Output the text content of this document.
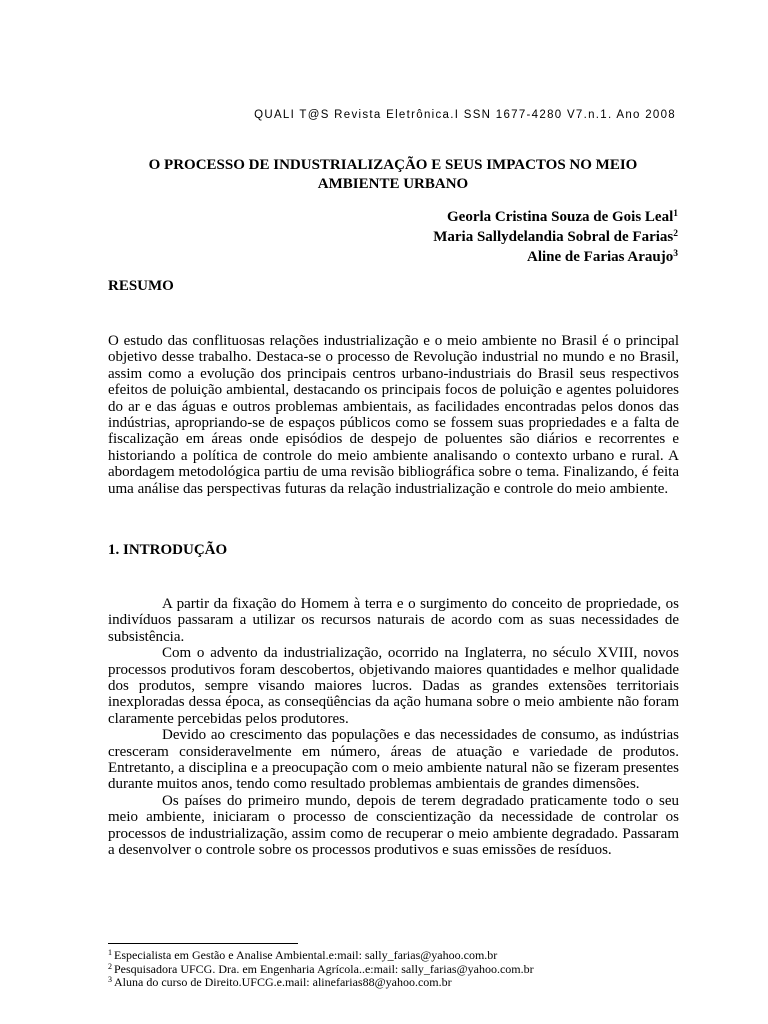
QUALI T@S Revista Eletrônica.I SSN 1677-4280 V7.n.1. Ano 2008
O PROCESSO DE INDUSTRIALIZAÇÃO E SEUS IMPACTOS NO MEIO AMBIENTE URBANO
Georla Cristina Souza de Gois Leal$^1$
Maria Sallydelandia Sobral de Farias$^2$
Aline de Farias Araujo$^3$
RESUMO

O estudo das conflituosas relações industrialização e o meio ambiente no Brasil é o principal objetivo desse trabalho. Destaca-se o processo de Revolução industrial no mundo e no Brasil, assim como a evolução dos principais centros urbano-industriais do Brasil seus respectivos efeitos de poluição ambiental, destacando os principais focos de poluição e agentes poluidores do ar e das águas e outros problemas ambientais, as facilidades encontradas pelos donos das indústrias, apropriando-se de espaços públicos como se fossem suas propriedades e a falta de fiscalização em áreas onde episódios de despejo de poluentes são diários e recorrentes e historiando a política de controle do meio ambiente analisando o contexto urbano e rural. A abordagem metodológica partiu de uma revisão bibliográfica sobre o tema. Finalizando, é feita uma análise das perspectivas futuras da relação industrialização e controle do meio ambiente.

1. INTRODUÇÃO

A partir da fixação do Homem à terra e o surgimento do conceito de propriedade, os indivíduos passaram a utilizar os recursos naturais de acordo com as suas necessidades de subsistência.

Com o advento da industrialização, ocorrido na Inglaterra, no século XVIII, novos processos produtivos foram descobertos, objetivando maiores quantidades e melhor qualidade dos produtos, sempre visando maiores lucros. Dadas as grandes extensões territoriais inexploradas dessa época, as conseqüências da ação humana sobre o meio ambiente não foram claramente percebidas pelos produtores.

Devido ao crescimento das populações e das necessidades de consumo, as indústrias cresceram consideravelmente em número, áreas de atuação e variedade de produtos. Entretanto, a disciplina e a preocupação com o meio ambiente natural não se fizeram presentes durante muitos anos, tendo como resultado problemas ambientais de grandes dimensões.

Os países do primeiro mundo, depois de terem degradado praticamente todo o seu meio ambiente, iniciaram o processo de conscientização da necessidade de controlar os processos de industrialização, assim como de recuperar o meio ambiente degradado. Passaram a desenvolver o controle sobre os processos produtivos e suas emissões de resíduos.

$^1$ Especialista em Gestão e Analise Ambiental.e:mail: sally_farias@yahoo.com.br
$^2$ Pesquisadora UFCG. Dra. em Engenharia Agrícola..e:mail: sally_farias@yahoo.com.br
$^3$ Aluna do curso de Direito.UFCG.e.mail: alinefarias88@yahoo.com.br
